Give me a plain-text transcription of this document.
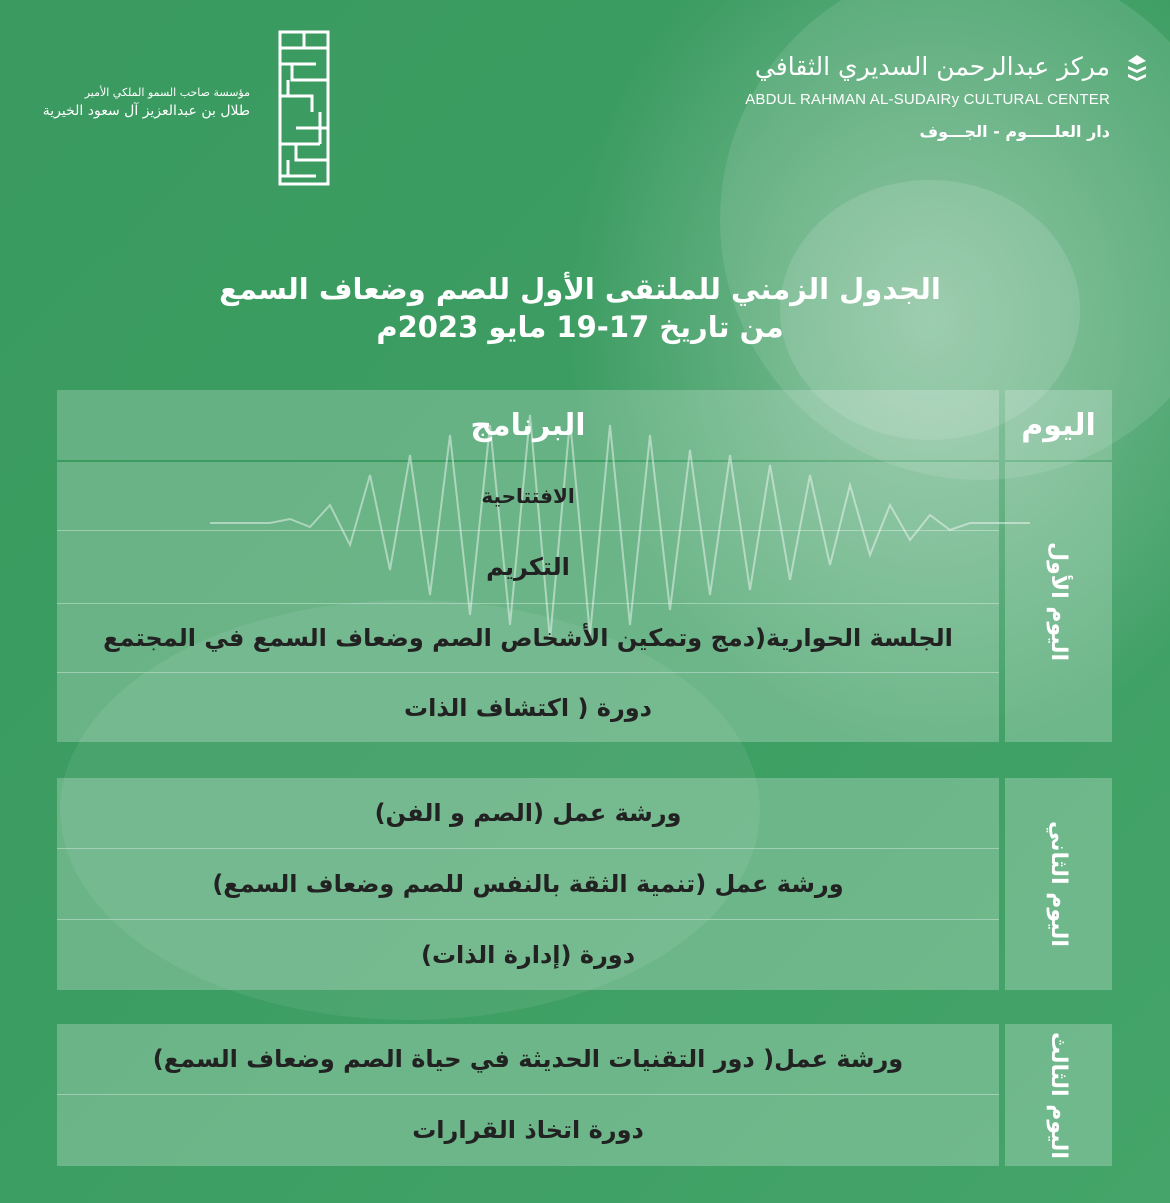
مركز عبدالرحمن السديري الثقافي
ABDUL RAHMAN AL-SUDAIRy CULTURAL CENTER
دار العلـــــوم - الجـــوف
مؤسسة صاحب السمو الملكي الأمير
طلال بن عبدالعزيز آل سعود الخيرية
الجدول الزمني للملتقى الأول للصم وضعاف السمع
من تاريخ 17-19 مايو 2023م
البرنامج	اليوم
الافتتاحية
التكريم
الجلسة الحوارية(دمج وتمكين الأشخاص الصم وضعاف السمع في المجتمع
دورة ( اكتشاف الذات
اليوم الأول
ورشة عمل (الصم و الفن)
ورشة عمل (تنمية الثقة بالنفس للصم وضعاف السمع)
دورة (إدارة الذات)
اليوم الثاني
ورشة عمل( دور التقنيات الحديثة في حياة الصم وضعاف السمع)
دورة اتخاذ القرارات	اليوم الثالث
